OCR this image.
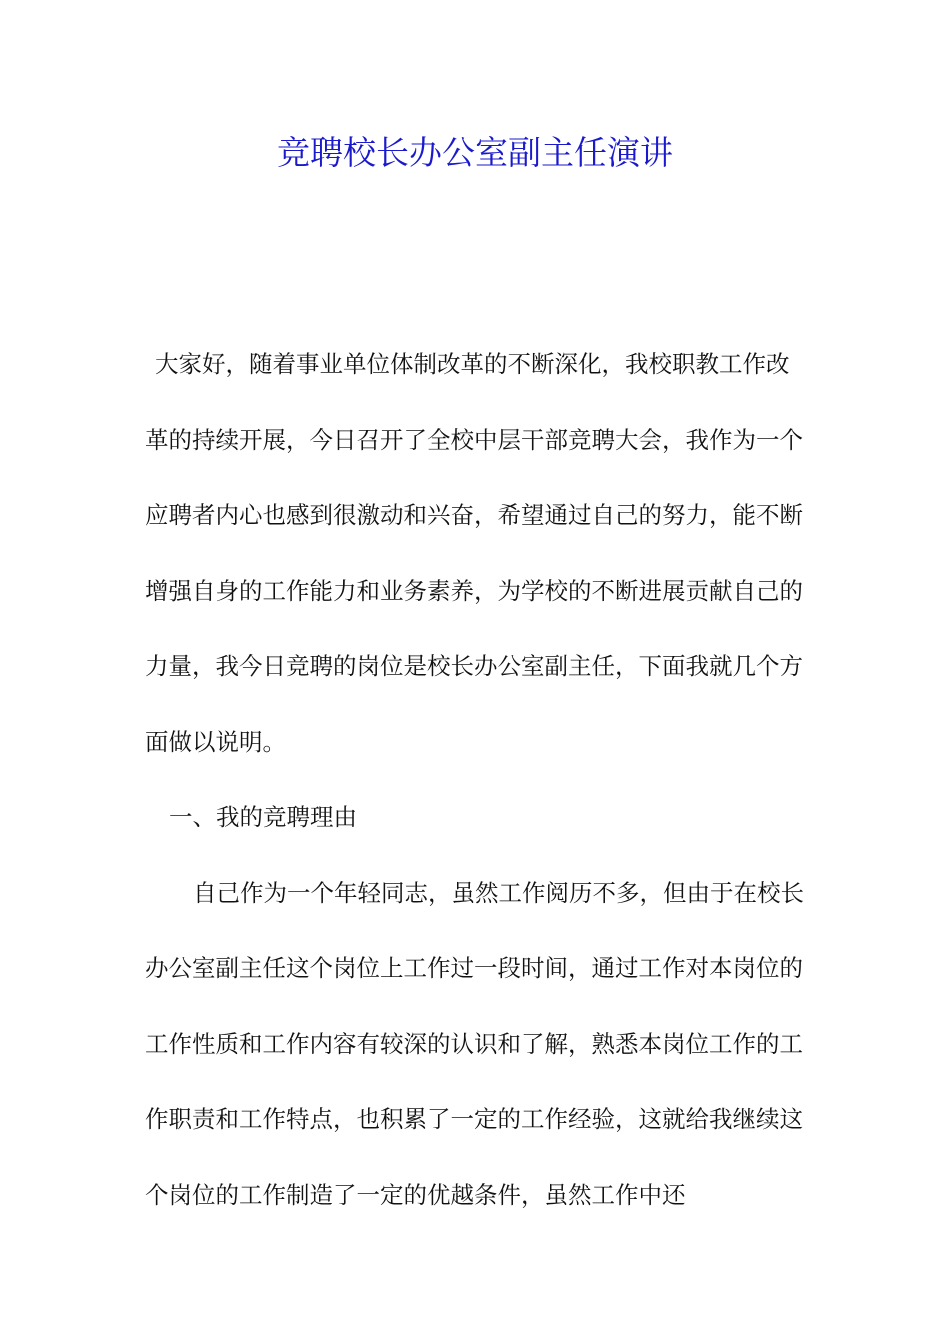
竞聘校长办公室副主任演讲

大家好，随着事业单位体制改革的不断深化，我校职教工作改革的持续开展，今日召开了全校中层干部竞聘大会，我作为一个应聘者内心也感到很激动和兴奋，希望通过自己的努力，能不断增强自身的工作能力和业务素养，为学校的不断进展贡献自己的力量，我今日竞聘的岗位是校长办公室副主任，下面我就几个方面做以说明。

一、我的竞聘理由

自己作为一个年轻同志，虽然工作阅历不多，但由于在校长办公室副主任这个岗位上工作过一段时间，通过工作对本岗位的工作性质和工作内容有较深的认识和了解，熟悉本岗位工作的工作职责和工作特点，也积累了一定的工作经验，这就给我继续这个岗位的工作制造了一定的优越条件，虽然工作中还
